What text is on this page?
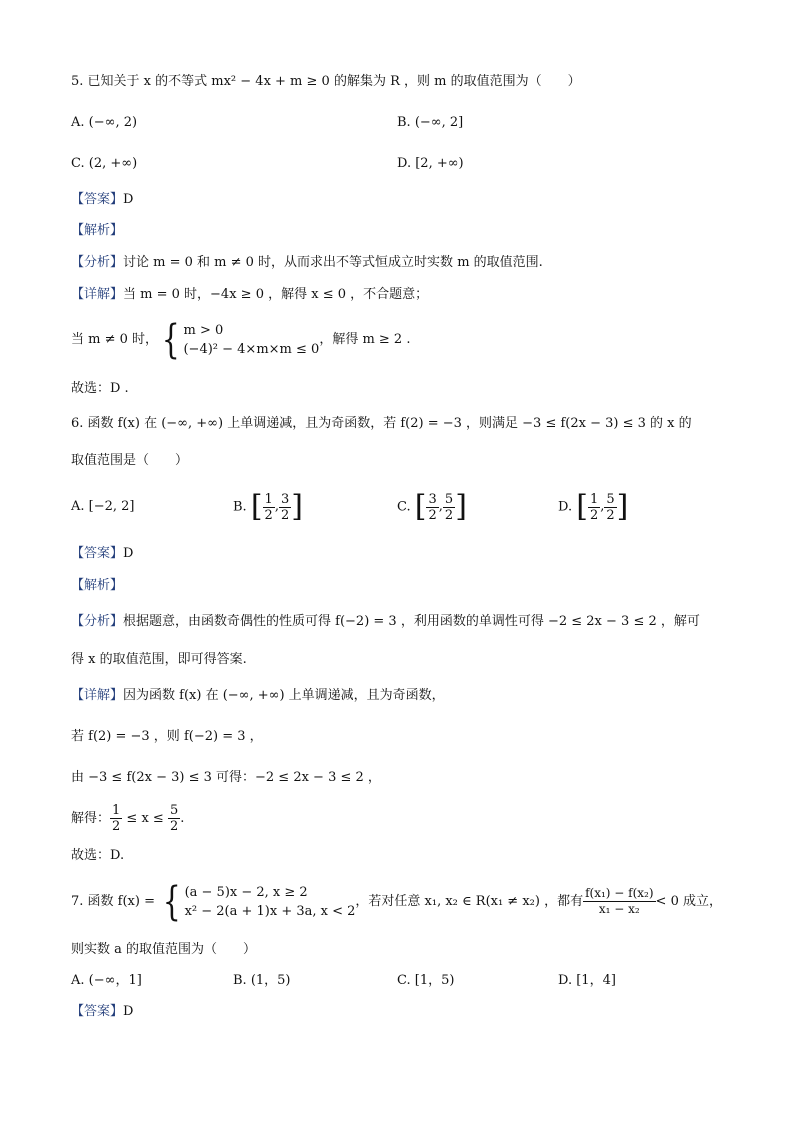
5. 已知关于 x 的不等式 mx² − 4x + m ≥ 0 的解集为 R ，则 m 的取值范围为（　　）
A. (−∞, 2)	B. (−∞, 2]
C. (2, +∞)	D. [2, +∞)
【答案】D
【解析】
【分析】讨论 m = 0 和 m ≠ 0 时，从而求出不等式恒成立时实数 m 的取值范围.
【详解】当 m = 0 时，−4x ≥ 0 ，解得 x ≤ 0 ，不合题意；
当 m ≠ 0 时， { m > 0
(−4)² − 4×m×m ≤ 0
，解得 m ≥ 2 .
故选：D .
6. 函数 f(x) 在 (−∞, +∞) 上单调递减，且为奇函数，若 f(2) = −3 ，则满足 −3 ≤ f(2x − 3) ≤ 3 的 x 的
取值范围是（　　）
A. [−2, 2]	B. [ $\frac{1}{2}$ , $\frac{3}{2}$ ]	C. [ $\frac{3}{2}$ , $\frac{5}{2}$ ]	D. [ $\frac{1}{2}$ , $\frac{5}{2}$ ]
【答案】D
【解析】
【分析】根据题意，由函数奇偶性的性质可得 f(−2) = 3 ，利用函数的单调性可得 −2 ≤ 2x − 3 ≤ 2 ，解可
得 x 的取值范围，即可得答案.
【详解】因为函数 f(x) 在 (−∞, +∞) 上单调递减，且为奇函数，
若 f(2) = −3 ，则 f(−2) = 3 ，
由 −3 ≤ f(2x − 3) ≤ 3 可得：−2 ≤ 2x − 3 ≤ 2 ，
解得： $\frac{1}{2} \le x \le \frac{5}{2}$ .
故选：D.
7. 函数 f(x) = { (a − 5)x − 2, x ≥ 2
x² − 2(a + 1)x + 3a, x < 2
，若对任意 x₁, x₂ ∈ R(x₁ ≠ x₂) ，都有 $\frac{\text{f(x₁) − f(x₂)}}{\text{x₁ − x₂}} < 0$ 成立，
则实数 a 的取值范围为（　　）
A. (−∞，1]	B. (1，5)	C. [1，5)	D. [1，4]
【答案】D
